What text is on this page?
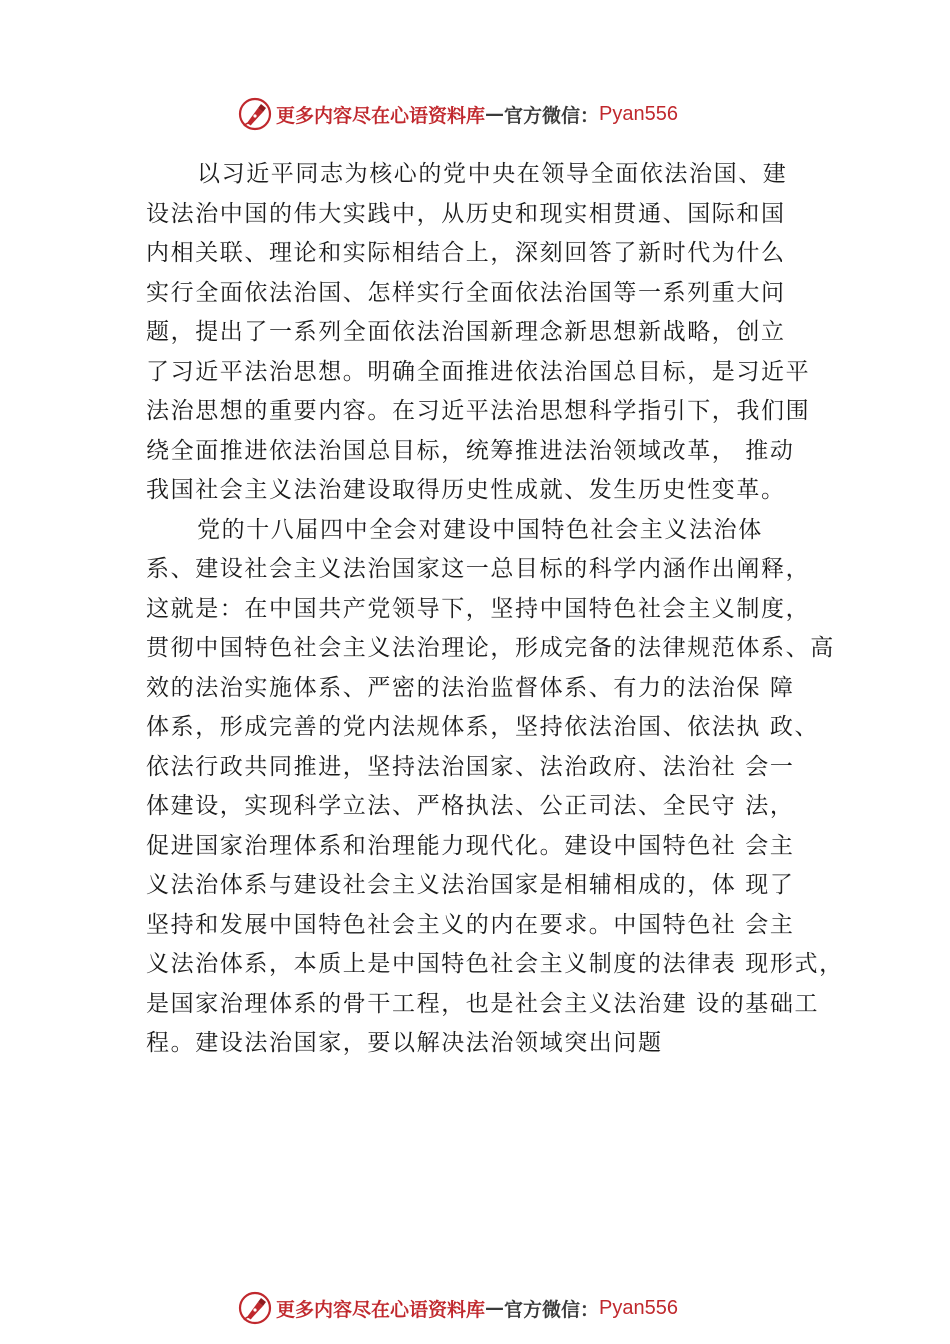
更多内容尽在心语资料库 — 官方微信： Pyan556
以习近平同志为核心的党中央在领导全面依法治国、建
设法治中国的伟大实践中，从历史和现实相贯通、国际和国
内相关联、理论和实际相结合上，深刻回答了新时代为什么
实行全面依法治国、怎样实行全面依法治国等一系列重大问
题，提出了一系列全面依法治国新理念新思想新战略，创立
了习近平法治思想。明确全面推进依法治国总目标，是习近平
法治思想的重要内容。在习近平法治思想科学指引下，我们围
绕全面推进依法治国总目标，统筹推进法治领域改革， 推动
我国社会主义法治建设取得历史性成就、发生历史性变革。
党的十八届四中全会对建设中国特色社会主义法治体
系、建设社会主义法治国家这一总目标的科学内涵作出阐释，
这就是：在中国共产党领导下，坚持中国特色社会主义制度，
贯彻中国特色社会主义法治理论，形成完备的法律规范体系、高
效的法治实施体系、严密的法治监督体系、有力的法治保 障
体系，形成完善的党内法规体系，坚持依法治国、依法执 政、
依法行政共同推进，坚持法治国家、法治政府、法治社 会一
体建设，实现科学立法、严格执法、公正司法、全民守 法，
促进国家治理体系和治理能力现代化。建设中国特色社 会主
义法治体系与建设社会主义法治国家是相辅相成的，体 现了
坚持和发展中国特色社会主义的内在要求。中国特色社 会主
义法治体系，本质上是中国特色社会主义制度的法律表 现形式，
是国家治理体系的骨干工程，也是社会主义法治建 设的基础工
程。建设法治国家，要以解决法治领域突出问题
更多内容尽在心语资料库 — 官方微信： Pyan556
